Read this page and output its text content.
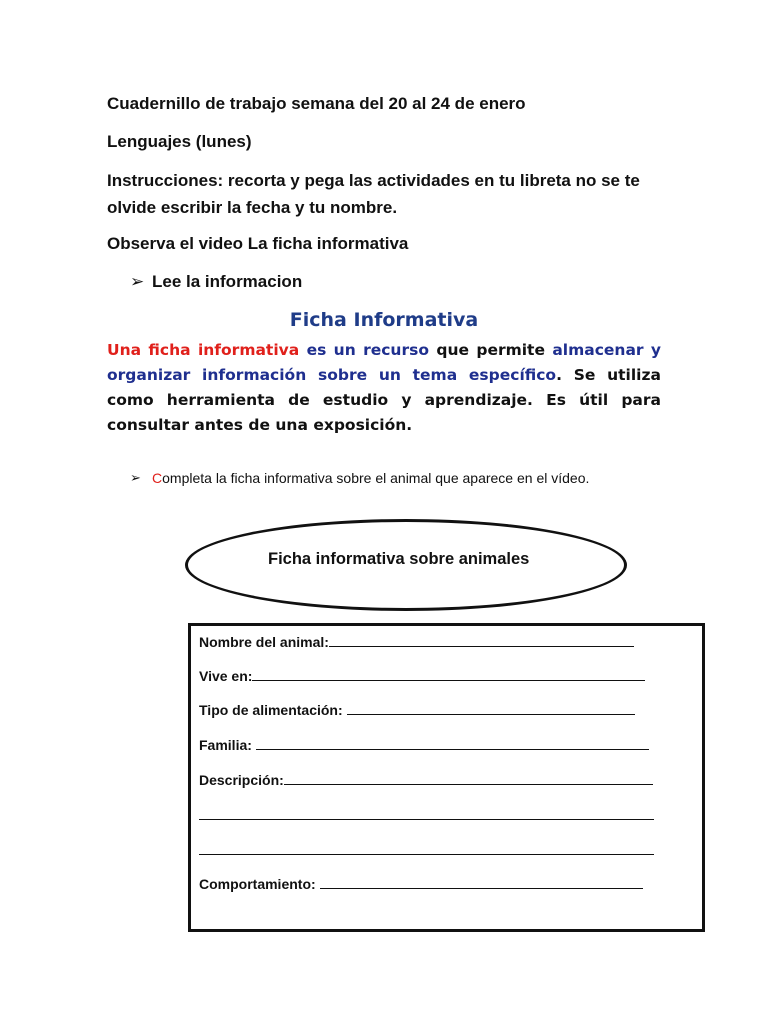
Cuadernillo de trabajo semana del 20 al 24 de enero
Lenguajes (lunes)
Instrucciones: recorta y pega las actividades en tu libreta no se te
olvide escribir la fecha y tu nombre.
Observa el video La ficha informativa
➢ Lee la informacion
Ficha Informativa
Una ficha informativa es un recurso que permite almacenar y organizar información sobre un tema específico. Se utiliza como herramienta de estudio y aprendizaje. Es útil para consultar antes de una exposición.
➢ Completa la ficha informativa sobre el animal que aparece en el vídeo.
Ficha informativa sobre animales
Nombre del animal:
Vive en:
Tipo de alimentación:
Familia:
Descripción:
Comportamiento:
